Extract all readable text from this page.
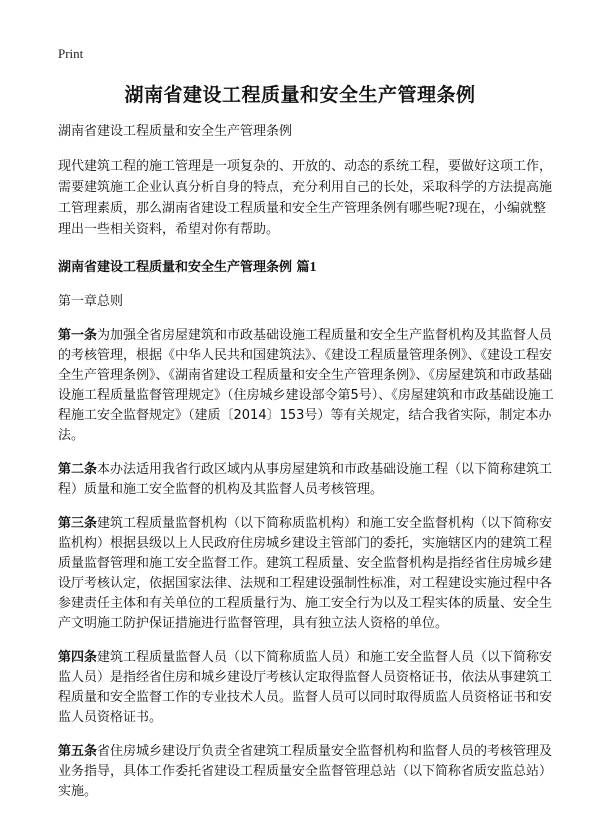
Print
湖南省建设工程质量和安全生产管理条例

湖南省建设工程质量和安全生产管理条例

现代建筑工程的施工管理是一项复杂的、开放的、动态的系统工程，要做好这项工作，需要建筑施工企业认真分析自身的特点，充分利用自己的长处，采取科学的方法提高施工管理素质，那么湖南省建设工程质量和安全生产管理条例有哪些呢?现在，小编就整理出一些相关资料，希望对你有帮助。

湖南省建设工程质量和安全生产管理条例 篇1

第一章总则

第一条为加强全省房屋建筑和市政基础设施工程质量和安全生产监督机构及其监督人员的考核管理，根据《中华人民共和国建筑法》、《建设工程质量管理条例》、《建设工程安全生产管理条例》、《湖南省建设工程质量和安全生产管理条例》、《房屋建筑和市政基础设施工程质量监督管理规定》（住房城乡建设部令第5号）、《房屋建筑和市政基础设施工程施工安全监督规定》（建质〔2014〕153号）等有关规定，结合我省实际，制定本办法。

第二条本办法适用我省行政区域内从事房屋建筑和市政基础设施工程（以下简称建筑工程）质量和施工安全监督的机构及其监督人员考核管理。

第三条建筑工程质量监督机构（以下简称质监机构）和施工安全监督机构（以下简称安监机构）根据县级以上人民政府住房城乡建设主管部门的委托，实施辖区内的建筑工程质量监督管理和施工安全监督工作。建筑工程质量、安全监督机构是指经省住房城乡建设厅考核认定，依据国家法律、法规和工程建设强制性标准，对工程建设实施过程中各参建责任主体和有关单位的工程质量行为、施工安全行为以及工程实体的质量、安全生产文明施工防护保证措施进行监督管理，具有独立法人资格的单位。

第四条建筑工程质量监督人员（以下简称质监人员）和施工安全监督人员（以下简称安监人员）是指经省住房和城乡建设厅考核认定取得监督人员资格证书，依法从事建筑工程质量和安全监督工作的专业技术人员。监督人员可以同时取得质监人员资格证书和安监人员资格证书。

第五条省住房城乡建设厅负责全省建筑工程质量安全监督机构和监督人员的考核管理及业务指导，具体工作委托省建设工程质量安全监督管理总站（以下简称省质安监总站）实施。
